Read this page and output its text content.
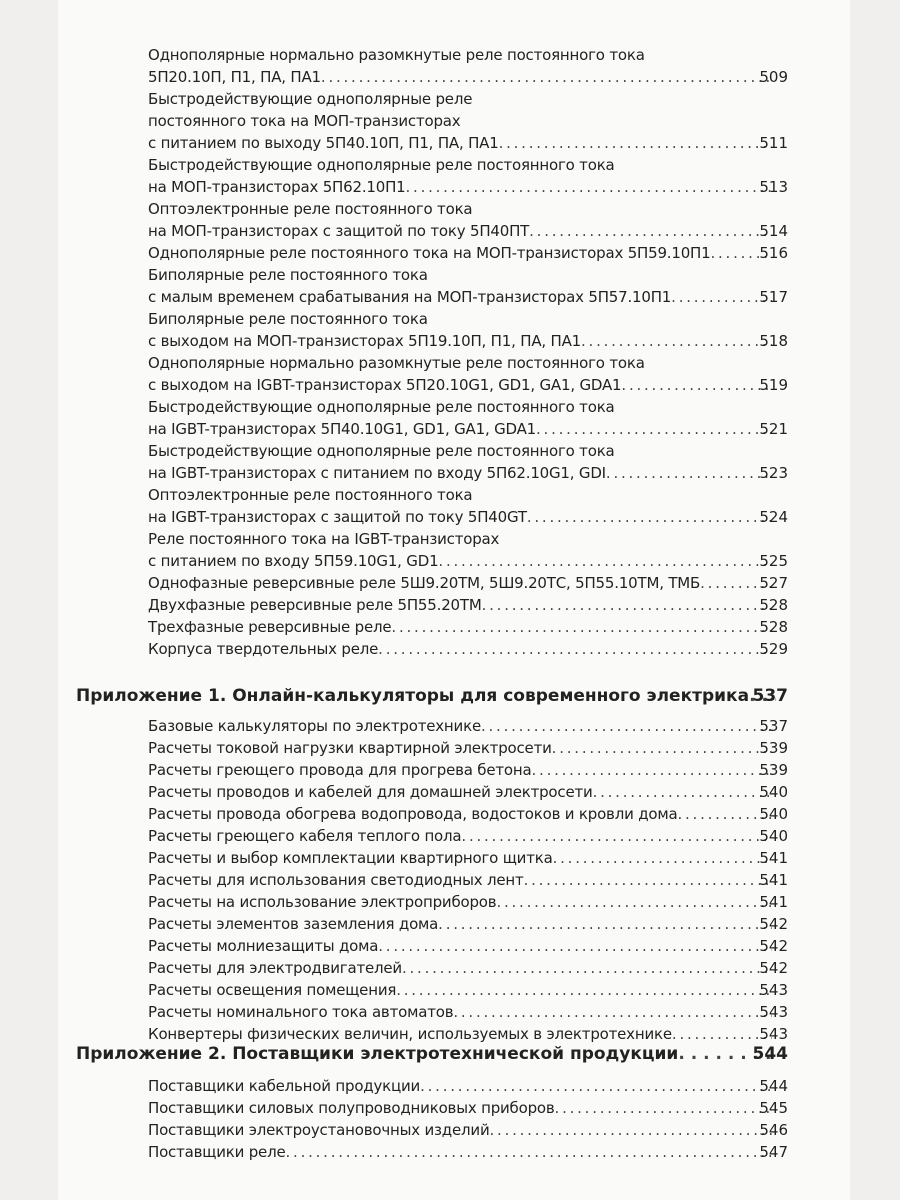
Однополярные нормально разомкнутые реле постоянного тока
5П20.10П, П1, ПА, ПА1 . . .	509
Быстродействующие однополярные реле
постоянного тока на МОП-транзисторах
с питанием по выходу 5П40.10П, П1, ПА, ПА1 . . .	511
Быстродействующие однополярные реле постоянного тока
на МОП-транзисторах 5П62.10П1 . . .	513
Оптоэлектронные реле постоянного тока
на МОП-транзисторах с защитой по току 5П40ПТ . . .	514
Однополярные реле постоянного тока на МОП-транзисторах 5П59.10П1 . . .	516
Биполярные реле постоянного тока
с малым временем срабатывания на МОП-транзисторах 5П57.10П1 . . .	517
Биполярные реле постоянного тока
с выходом на МОП-транзисторах 5П19.10П, П1, ПА, ПА1 . . .	518
Однополярные нормально разомкнутые реле постоянного тока
с выходом на IGBT-транзисторах 5П20.10G1, GD1, GA1, GDA1 . . .	519
Быстродействующие однополярные реле постоянного тока
на IGBT-транзисторах 5П40.10G1, GD1, GA1, GDA1 . . .	521
Быстродействующие однополярные реле постоянного тока
на IGBT-транзисторах с питанием по входу 5П62.10G1, GDI . . .	523
Оптоэлектронные реле постоянного тока
на IGBT-транзисторах с защитой по току 5П40GT . . .	524
Реле постоянного тока на IGBT-транзисторах
с питанием по входу 5П59.10G1, GD1 . . .	525
Однофазные реверсивные реле 5Ш9.20ТМ, 5Ш9.20ТС, 5П55.10ТМ, ТМБ . . .	527
Двухфазные реверсивные реле 5П55.20ТМ . . .	528
Трехфазные реверсивные реле . . .	528
Корпуса твердотельных реле . . .	529
Приложение 1. Онлайн-калькуляторы для современного электрика . . . 537
Базовые калькуляторы по электротехнике . . .	537
Расчеты токовой нагрузки квартирной электросети . . .	539
Расчеты греющего провода для прогрева бетона . . .	539
Расчеты проводов и кабелей для домашней электросети . . .	540
Расчеты провода обогрева водопровода, водостоков и кровли дома . . .	540
Расчеты греющего кабеля теплого пола . . .	540
Расчеты и выбор комплектации квартирного щитка . . .	541
Расчеты для использования светодиодных лент . . .	541
Расчеты на использование электроприборов . . .	541
Расчеты элементов заземления дома . . .	542
Расчеты молниезащиты дома . . .	542
Расчеты для электродвигателей . . .	542
Расчеты освещения помещения . . .	543
Расчеты номинального тока автоматов . . .	543
Конвертеры физических величин, используемых в электротехнике . . .	543
Приложение 2. Поставщики электротехнической продукции . . .	544
Поставщики кабельной продукции . . .	544
Поставщики силовых полупроводниковых приборов . . .	545
Поставщики электроустановочных изделий . . .	546
Поставщики реле . . .	547
